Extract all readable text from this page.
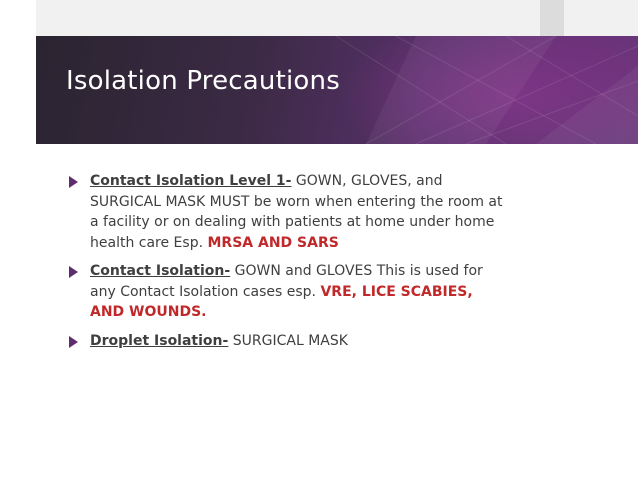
Isolation Precautions
Contact Isolation Level 1- GOWN, GLOVES, and SURGICAL MASK MUST be worn when entering the room at a facility or on dealing with patients at home under home health care Esp. MRSA AND SARS
Contact Isolation- GOWN and GLOVES This is used for any Contact Isolation cases esp. VRE, LICE SCABIES, AND WOUNDS.
Droplet Isolation- SURGICAL MASK
